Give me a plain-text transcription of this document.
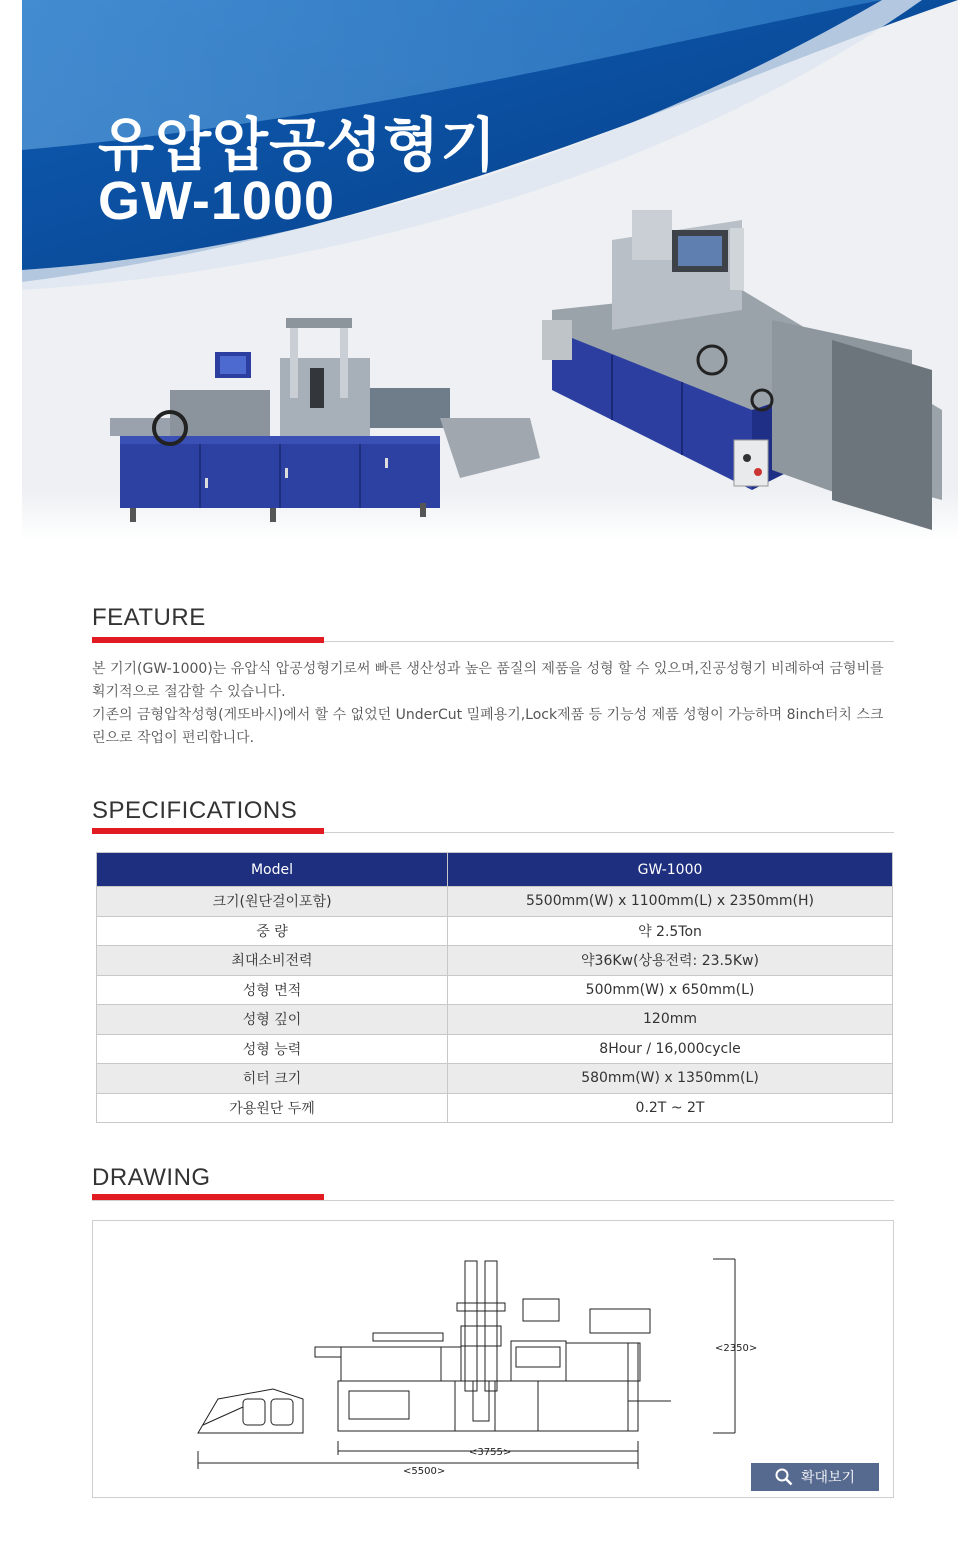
유압압공성형기
GW-1000
FEATURE

본 기기(GW-1000)는 유압식 압공성형기로써 빠른 생산성과 높은 품질의 제품을 성형 할 수 있으며,진공성형기 비례하여 금형비를 획기적으로 절감할 수 있습니다.

기존의 금형압착성형(게또바시)에서 할 수 없었던 UnderCut 밀폐용기,Lock제품 등 기능성 제품 성형이 가능하며 8inch터치 스크린으로 작업이 편리합니다.

SPECIFICATIONS
Model	GW-1000
크기(원단걸이포함)	5500mm(W) x 1100mm(L) x 2350mm(H)
중 량	약 2.5Ton
최대소비전력	약36Kw(상용전력: 23.5Kw)
성형 면적	500mm(W) x 650mm(L)
성형 깊이	120mm
성형 능력	8Hour / 16,000cycle
히터 크기	580mm(W) x 1350mm(L)
가용원단 두께	0.2T ~ 2T
DRAWING
<5500>
<3755>
<2350>
확대보기
